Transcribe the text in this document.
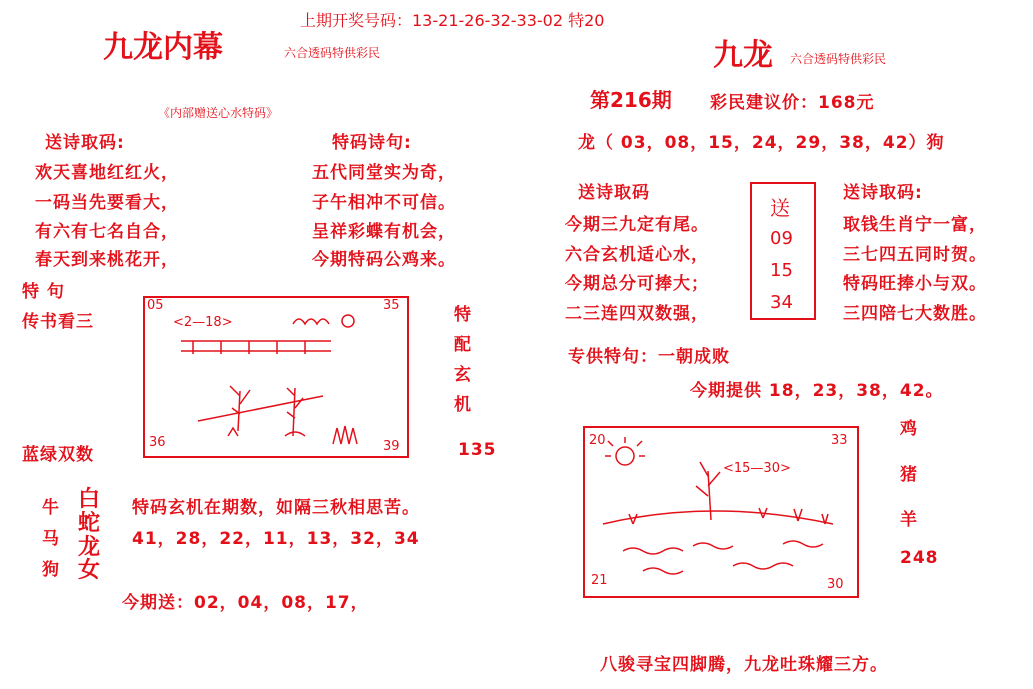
上期开奖号码：13-21-26-32-33-02 特20
九龙内幕	六合透码特供彩民
《内部赠送心水特码》
送诗取码:
欢天喜地红红火，
一码当先要看大，
有六有七名自合，
春天到来桃花开，
特码诗句:
五代同堂实为奇，
子午相冲不可信。
呈祥彩蝶有机会，
今期特码公鸡来。
特 句
传书看三
05	35
36	39
<2—18>	特配玄机
135
蓝绿双数
牛
马
狗
白
蛇
龙
女
特码玄机在期数，如隔三秋相思苦。
41，28，22，11，13，32，34
今期送：02，04，08，17，
九龙 六合透码特供彩民
第216期 彩民建议价：168元
龙（ 03，08，15，24，29，38，42）狗
送诗取码
今期三九定有尾。
六合玄机适心水，
今期总分可捧大；
二三连四双数强，
送
09
15
34
送诗取码:
取钱生肖宁一富，
三七四五同时贺。
特码旺捧小与双。
三四陪七大数胜。
专供特句：一朝成败
今期提供 18，23，38，42。
20	33
21	30
<15—30>
鸡
猪
羊
248
八骏寻宝四脚腾，九龙吐珠耀三方。
